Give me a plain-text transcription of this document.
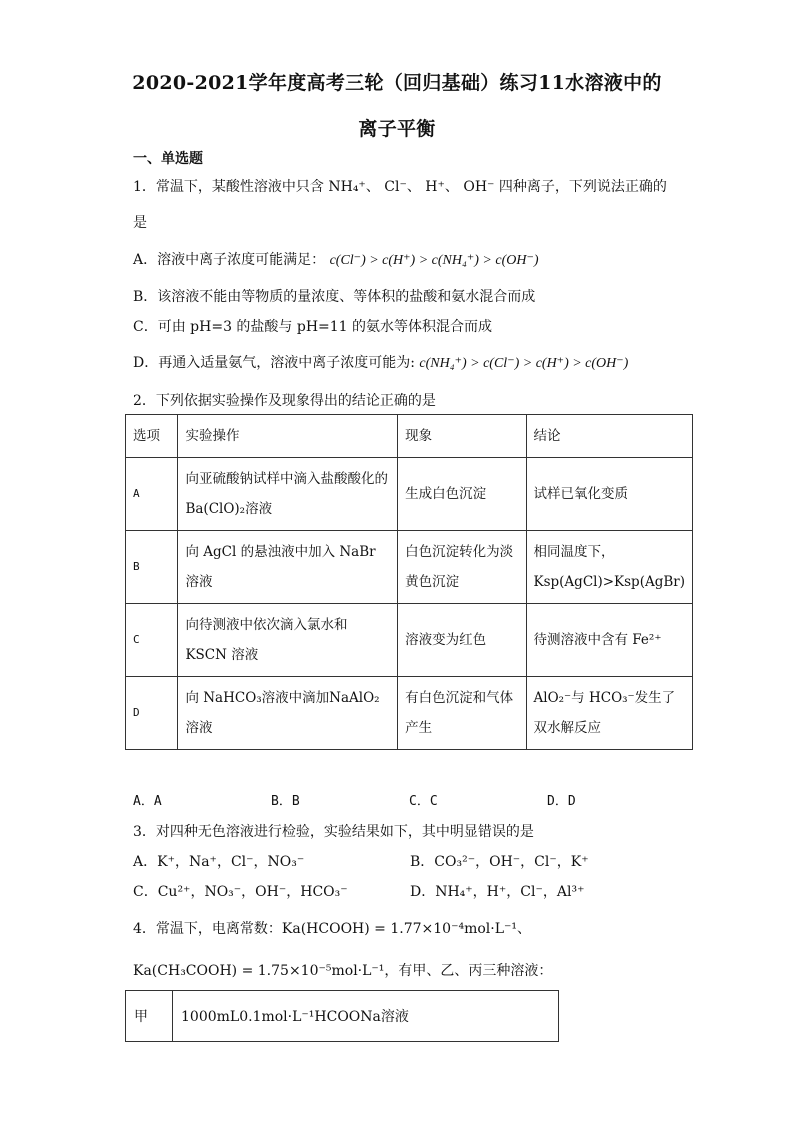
2020-2021学年度高考三轮（回归基础）练习11水溶液中的
离子平衡
一、单选题
1．常温下，某酸性溶液中只含 NH₄⁺、 Cl⁻、 H⁺、 OH⁻ 四种离子，下列说法正确的
是
A．溶液中离子浓度可能满足： c(Cl⁻) > c(H⁺) > c(NH₄⁺) > c(OH⁻)
B．该溶液不能由等物质的量浓度、等体积的盐酸和氨水混合而成
C．可由 pH=3 的盐酸与 pH=11 的氨水等体积混合而成
D．再通入适量氨气，溶液中离子浓度可能为: c(NH₄⁺) > c(Cl⁻) > c(H⁺) > c(OH⁻)
2．下列依据实验操作及现象得出的结论正确的是
选项	实验操作	现象	结论
A	向亚硫酸钠试样中滴入盐酸酸化的Ba(ClO)₂溶液	生成白色沉淀	试样已氧化变质
B	向 AgCl 的悬浊液中加入 NaBr 溶液	白色沉淀转化为淡黄色沉淀	相同温度下，Ksp(AgCl)>Ksp(AgBr)
C	向待测液中依次滴入氯水和 KSCN 溶液	溶液变为红色	待测溶液中含有 Fe²⁺
D	向 NaHCO₃溶液中滴加NaAlO₂溶液	有白色沉淀和气体产生	AlO₂⁻与 HCO₃⁻发生了双水解反应
A．A	B．B	C．C	D．D
3．对四种无色溶液进行检验，实验结果如下，其中明显错误的是
A．K⁺，Na⁺，Cl⁻，NO₃⁻	B．CO₃²⁻，OH⁻，Cl⁻，K⁺
C．Cu²⁺，NO₃⁻，OH⁻，HCO₃⁻	D．NH₄⁺，H⁺，Cl⁻，Al³⁺
4．常温下，电离常数：Ka(HCOOH) = 1.77×10⁻⁴mol·L⁻¹、
Ka(CH₃COOH) = 1.75×10⁻⁵mol·L⁻¹，有甲、乙、丙三种溶液：
甲	1000mL0.1mol·L⁻¹HCOONa溶液
